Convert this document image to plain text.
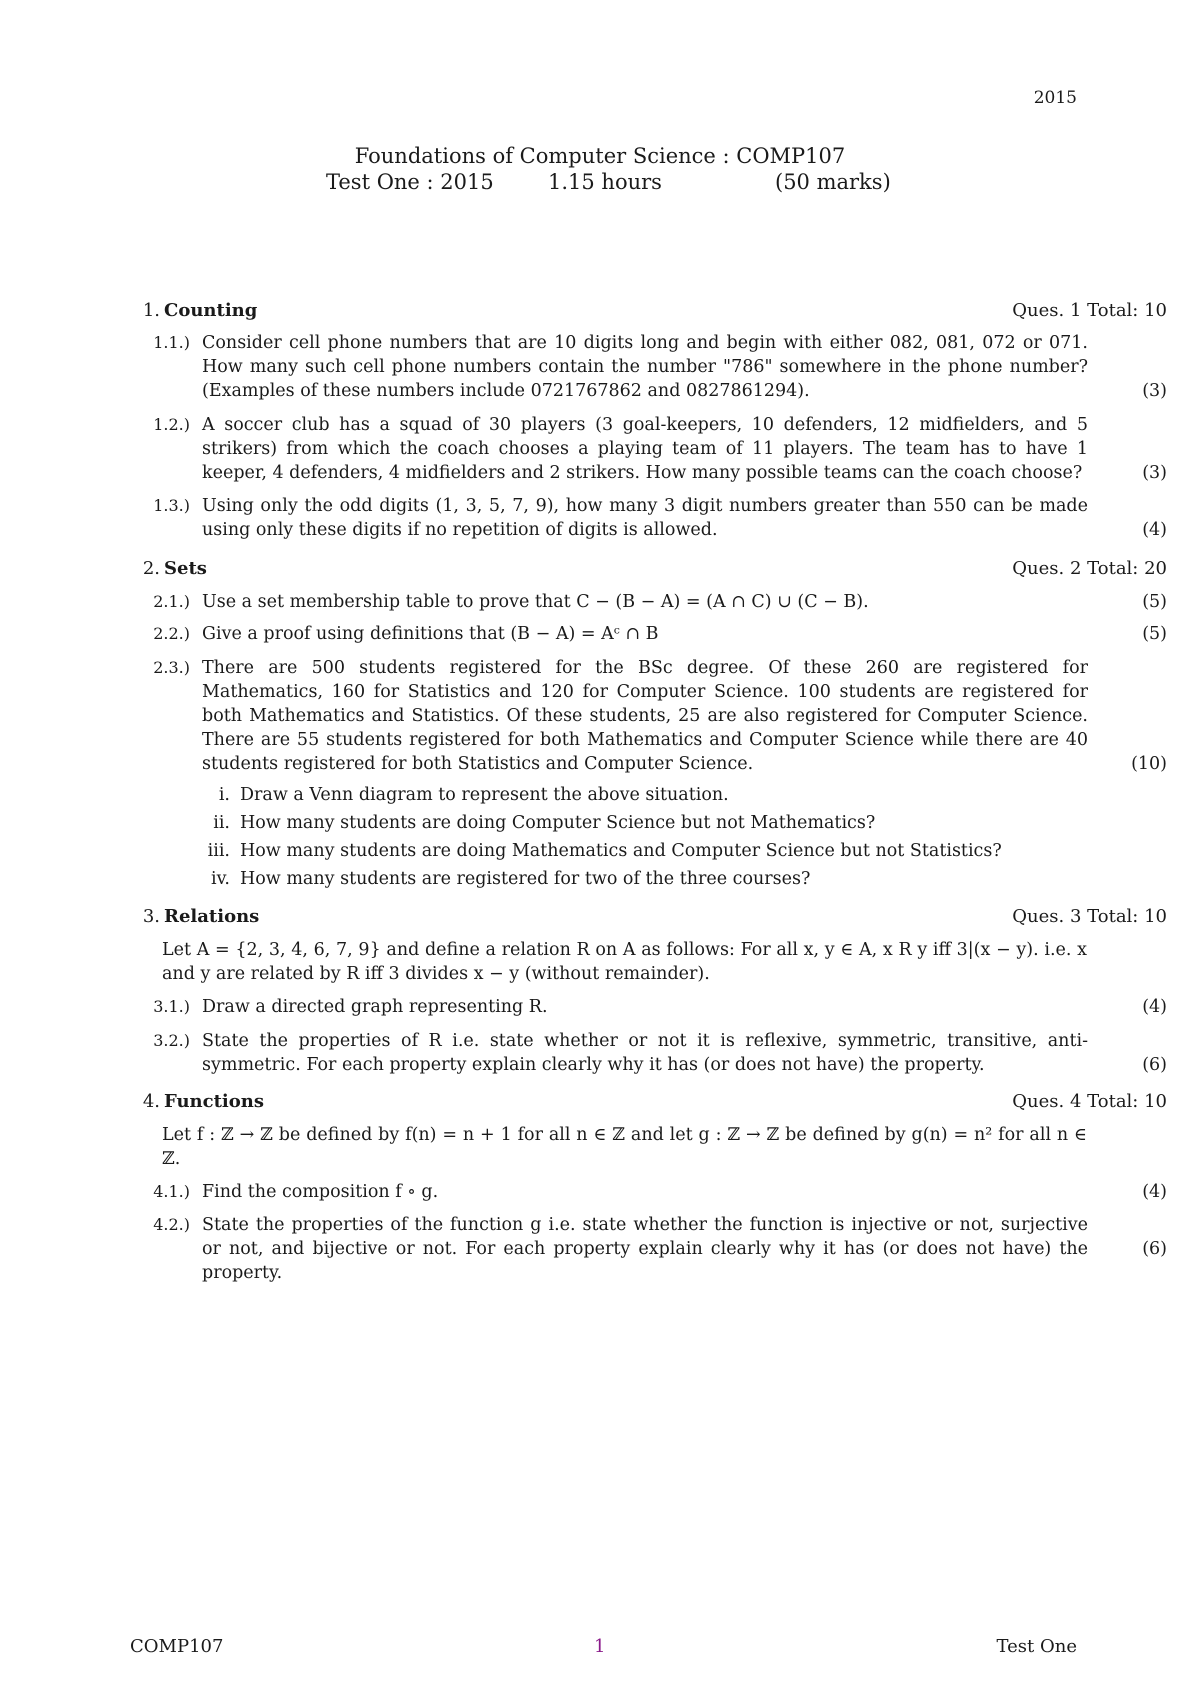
2015
Foundations of Computer Science : COMP107
Test One : 2015	1.15 hours	(50 marks)
1. Counting	Ques. 1 Total: 10
1.1.) Consider cell phone numbers that are 10 digits long and begin with either 082, 081, 072 or 071. How many such cell phone numbers contain the number "786" somewhere in the phone number? (Examples of these numbers include 0721767862 and 0827861294).	(3)
1.2.) A soccer club has a squad of 30 players (3 goal-keepers, 10 defenders, 12 midfielders, and 5 strikers) from which the coach chooses a playing team of 11 players. The team has to have 1 keeper, 4 defenders, 4 midfielders and 2 strikers. How many possible teams can the coach choose?	(3)
1.3.) Using only the odd digits (1, 3, 5, 7, 9), how many 3 digit numbers greater than 550 can be made using only these digits if no repetition of digits is allowed.	(4)
2. Sets	Ques. 2 Total: 20
2.1.) Use a set membership table to prove that C − (B − A) = (A ∩ C) ∪ (C − B).	(5)
2.2.) Give a proof using definitions that (B − A) = Aᶜ ∩ B	(5)
2.3.) There are 500 students registered for the BSc degree. Of these 260 are registered for Mathematics, 160 for Statistics and 120 for Computer Science. 100 students are registered for both Mathematics and Statistics. Of these students, 25 are also registered for Computer Science. There are 55 students registered for both Mathematics and Computer Science while there are 40 students registered for both Statistics and Computer Science.	(10)
i. Draw a Venn diagram to represent the above situation.
ii. How many students are doing Computer Science but not Mathematics?
iii. How many students are doing Mathematics and Computer Science but not Statistics?
iv. How many students are registered for two of the three courses?
3. Relations	Ques. 3 Total: 10
Let A = {2, 3, 4, 6, 7, 9} and define a relation R on A as follows: For all x, y ∈ A, x R y iff 3|(x − y). i.e. x and y are related by R iff 3 divides x − y (without remainder).
3.1.) Draw a directed graph representing R.	(4)
3.2.) State the properties of R i.e. state whether or not it is reflexive, symmetric, transitive, anti-symmetric. For each property explain clearly why it has (or does not have) the property.	(6)
4. Functions	Ques. 4 Total: 10
Let f : ℤ → ℤ be defined by f(n) = n + 1 for all n ∈ ℤ and let g : ℤ → ℤ be defined by g(n) = n² for all n ∈ ℤ.
4.1.) Find the composition f ∘ g.	(4)
4.2.) State the properties of the function g i.e. state whether the function is injective or not, surjective or not, and bijective or not. For each property explain clearly why it has (or does not have) the property.
(6)
COMP107	1	Test One
